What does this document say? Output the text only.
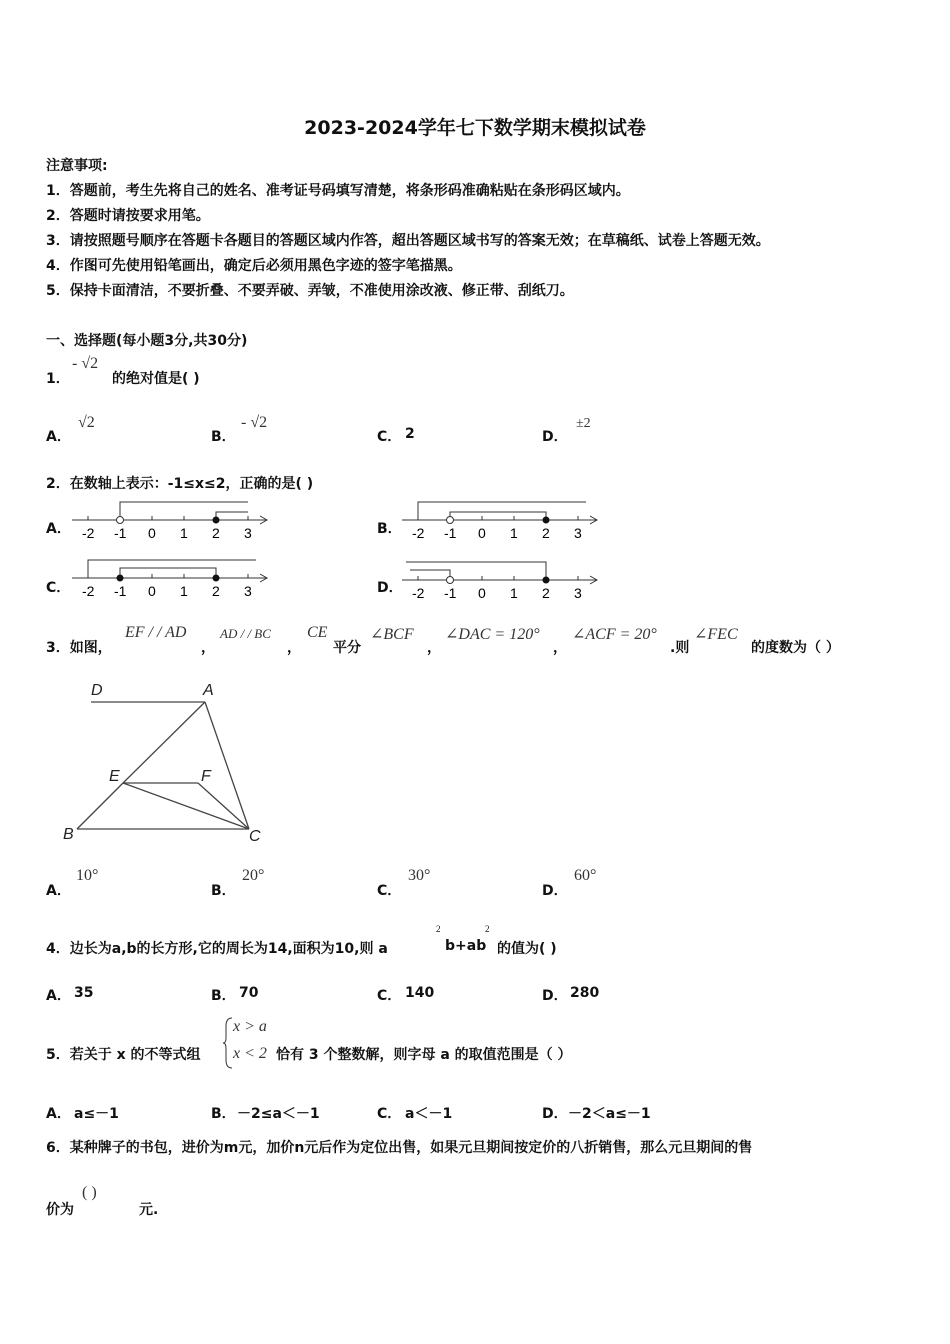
2023-2024学年七下数学期末模拟试卷
注意事项:
1．答题前，考生先将自己的姓名、准考证号码填写清楚，将条形码准确粘贴在条形码区域内。
2．答题时请按要求用笔。
3．请按照题号顺序在答题卡各题目的答题区域内作答，超出答题区域书写的答案无效；在草稿纸、试卷上答题无效。
4．作图可先使用铅笔画出，确定后必须用黑色字迹的签字笔描黑。
5．保持卡面清洁，不要折叠、不要弄破、弄皱，不准使用涂改液、修正带、刮纸刀。
一、选择题(每小题3分,共30分)
1．
- √2
的绝对值是( )
A．
√2
B．
- √2
C． 2	D．
±2
2．在数轴上表示：-1≤x≤2，正确的是( )
A． -2 -1 0 1 2 3	B． -2 -1 0 1 2 3
C． -2 -1 0 1 2 3	D． -2 -1 0 1 2 3
3．如图，
EF / / AD
，
AD / / BC
，
CE
平分
∠BCF
，
∠DAC = 120°
，
∠ACF = 20°
.则
∠FEC
的度数为（ ）
D	A
E	F
B	C
A．
10°
B．
20°
C．
30°
D．
60°
4．边长为a,b的长方形,它的周长为14,面积为10,则 a
2
b+ab
2
的值为( )
A． 35	B． 70	C． 140	D． 280
5．若关于 x 的不等式组
x > a
x < 2 恰有 3 个整数解，则字母 a 的取值范围是（ ）
A． a≤－1	B． －2≤a＜－1	C． a＜－1	D． －2＜a≤－1
6．某种牌子的书包，进价为m元，加价n元后作为定位出售，如果元旦期间按定价的八折销售，那么元旦期间的售
价为
( )
元.
